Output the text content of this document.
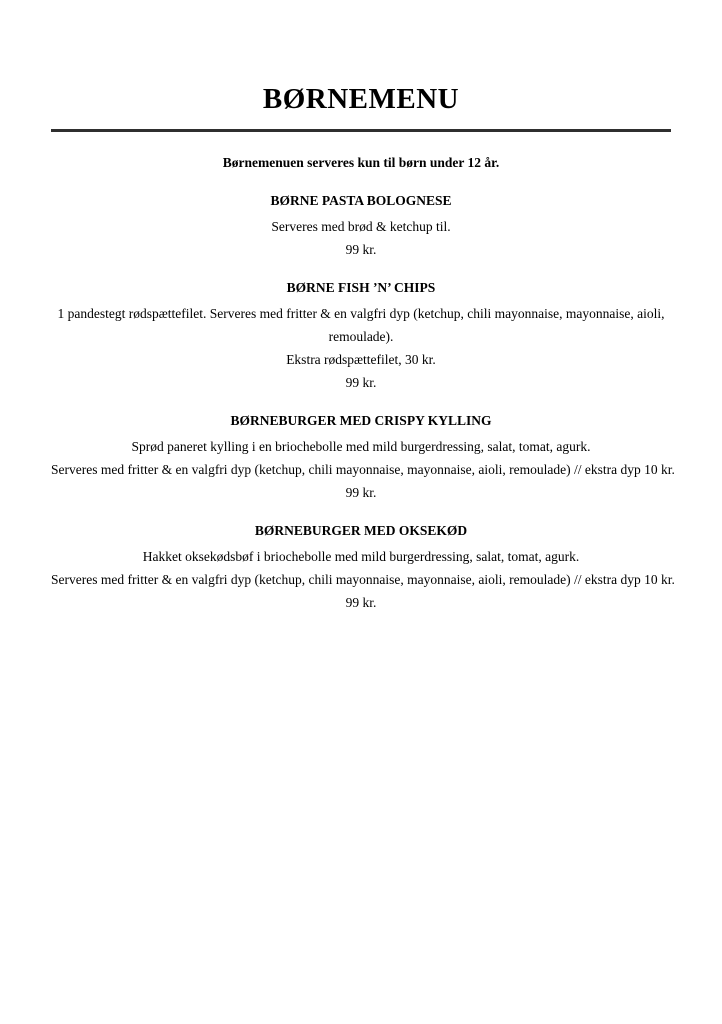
BØRNEMENU

Børnemenuen serveres kun til børn under 12 år.

BØRNE PASTA BOLOGNESE

Serveres med brød & ketchup til.

99 kr.

BØRNE FISH ’N’ CHIPS

1 pandestegt rødspættefilet. Serveres med fritter & en valgfri dyp (ketchup, chili mayonnaise, mayonnaise, aioli,

remoulade).

Ekstra rødspættefilet, 30 kr.

99 kr.

BØRNEBURGER MED CRISPY KYLLING

Sprød paneret kylling i en briochebolle med mild burgerdressing, salat, tomat, agurk.

Serveres med fritter & en valgfri dyp (ketchup, chili mayonnaise, mayonnaise, aioli, remoulade) // ekstra dyp 10 kr.

99 kr.

BØRNEBURGER MED OKSEKØD

Hakket oksekødsbøf i briochebolle med mild burgerdressing, salat, tomat, agurk.

Serveres med fritter & en valgfri dyp (ketchup, chili mayonnaise, mayonnaise, aioli, remoulade) // ekstra dyp 10 kr.

99 kr.
